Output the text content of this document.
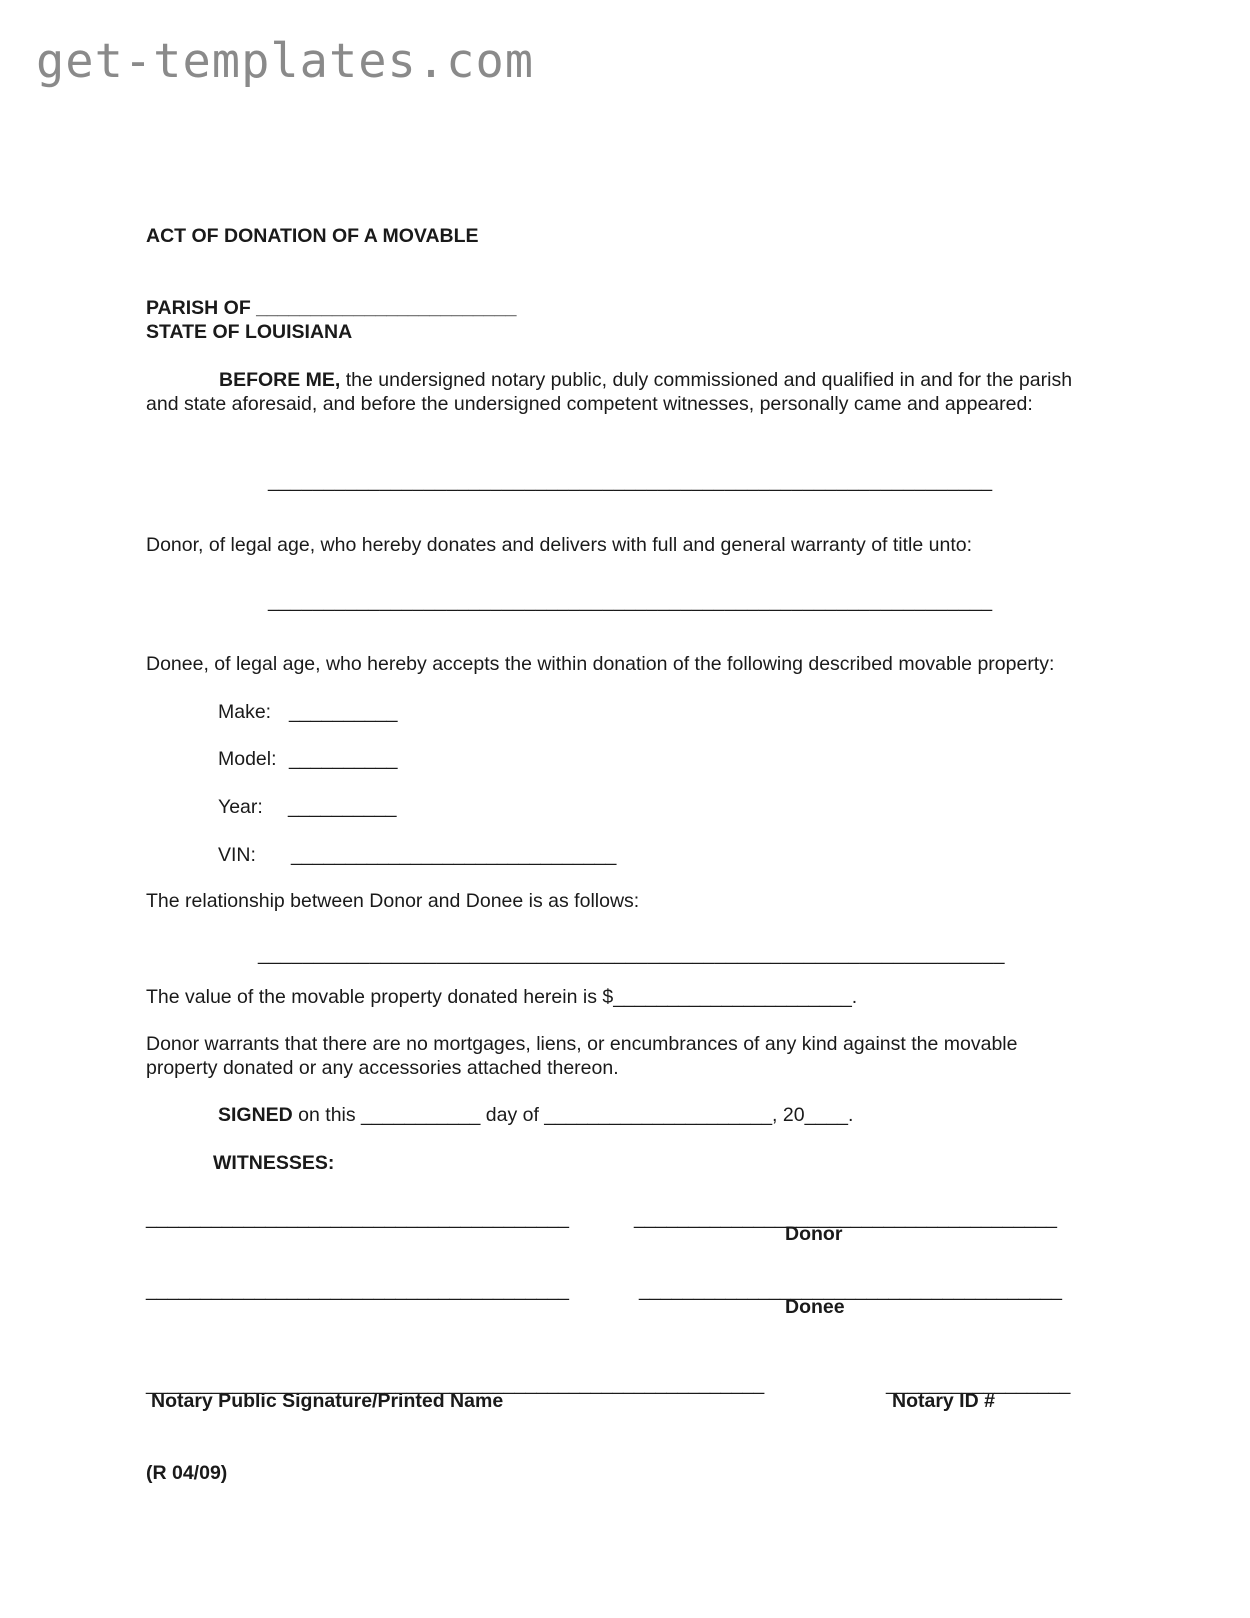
get-templates.com
ACT OF DONATION OF A MOVABLE
PARISH OF ________________________
STATE OF LOUISIANA
BEFORE ME, the undersigned notary public, duly commissioned and qualified in and for the parish and state aforesaid, and before the undersigned competent witnesses, personally came and appeared:
_________________________________________________________________
Donor, of legal age, who hereby donates and delivers with full and general warranty of title unto:
_________________________________________________________________
Donee, of legal age, who hereby accepts the within donation of the following described movable property:
Make: __________
Model: __________
Year: __________
VIN: ______________________________
The relationship between Donor and Donee is as follows:
___________________________________________________________________
The value of the movable property donated herein is $______________________.
Donor warrants that there are no mortgages, liens, or encumbrances of any kind against the movable property donated or any accessories attached thereon.
SIGNED on this ___________ day of _____________________, 20____.
WITNESSES:
_______________________________________	_______________________________________
Donor
_______________________________________	_______________________________________
Donee
_________________________________________________________	_________________
Notary Public Signature/Printed Name	Notary ID #
(R 04/09)
